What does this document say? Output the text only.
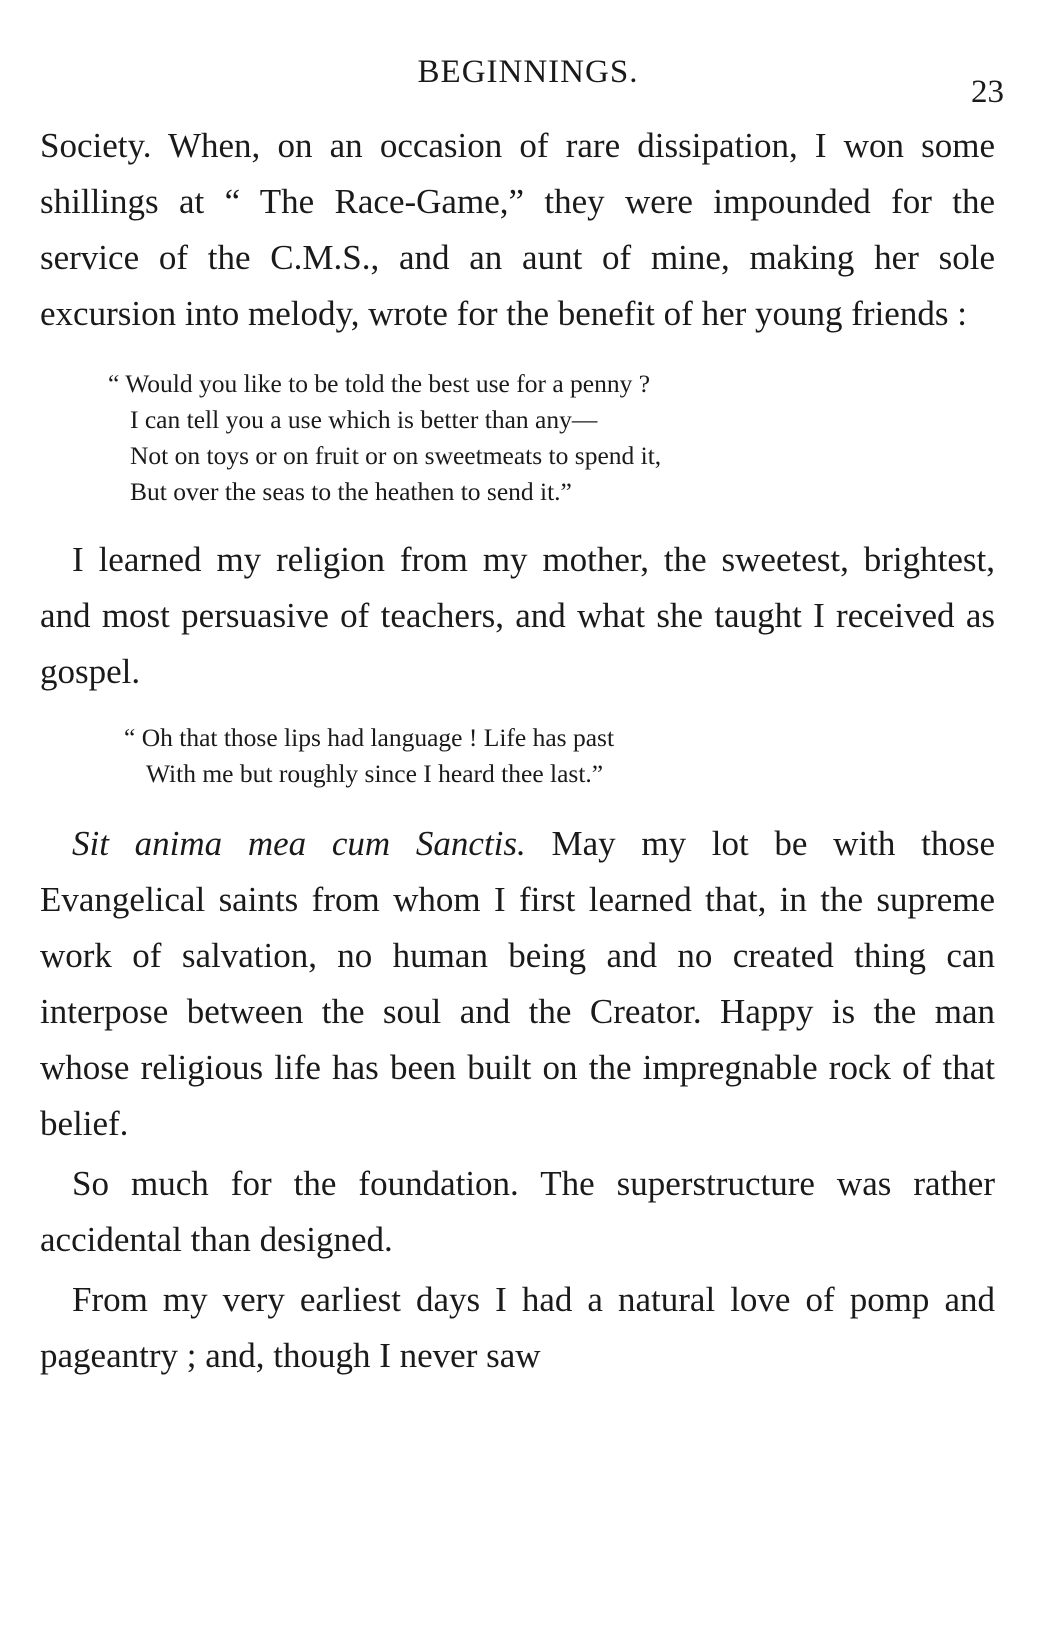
BEGINNINGS.
23

Society. When, on an occasion of rare dissipation, I won some shillings at “ The Race-Game,” they were impounded for the service of the C.M.S., and an aunt of mine, making her sole excursion into melody, wrote for the benefit of her young friends :

“ Would you like to be told the best use for a penny ?
I can tell you a use which is better than any—
Not on toys or on fruit or on sweetmeats to spend it,
But over the seas to the heathen to send it.”

I learned my religion from my mother, the sweetest, brightest, and most persuasive of teachers, and what she taught I received as gospel.

“ Oh that those lips had language ! Life has past
With me but roughly since I heard thee last.”

Sit anima mea cum Sanctis. May my lot be with those Evangelical saints from whom I first learned that, in the supreme work of salvation, no human being and no created thing can interpose between the soul and the Creator. Happy is the man whose religious life has been built on the impregnable rock of that belief.

So much for the foundation. The superstructure was rather accidental than designed.

From my very earliest days I had a natural love of pomp and pageantry ; and, though I never saw
